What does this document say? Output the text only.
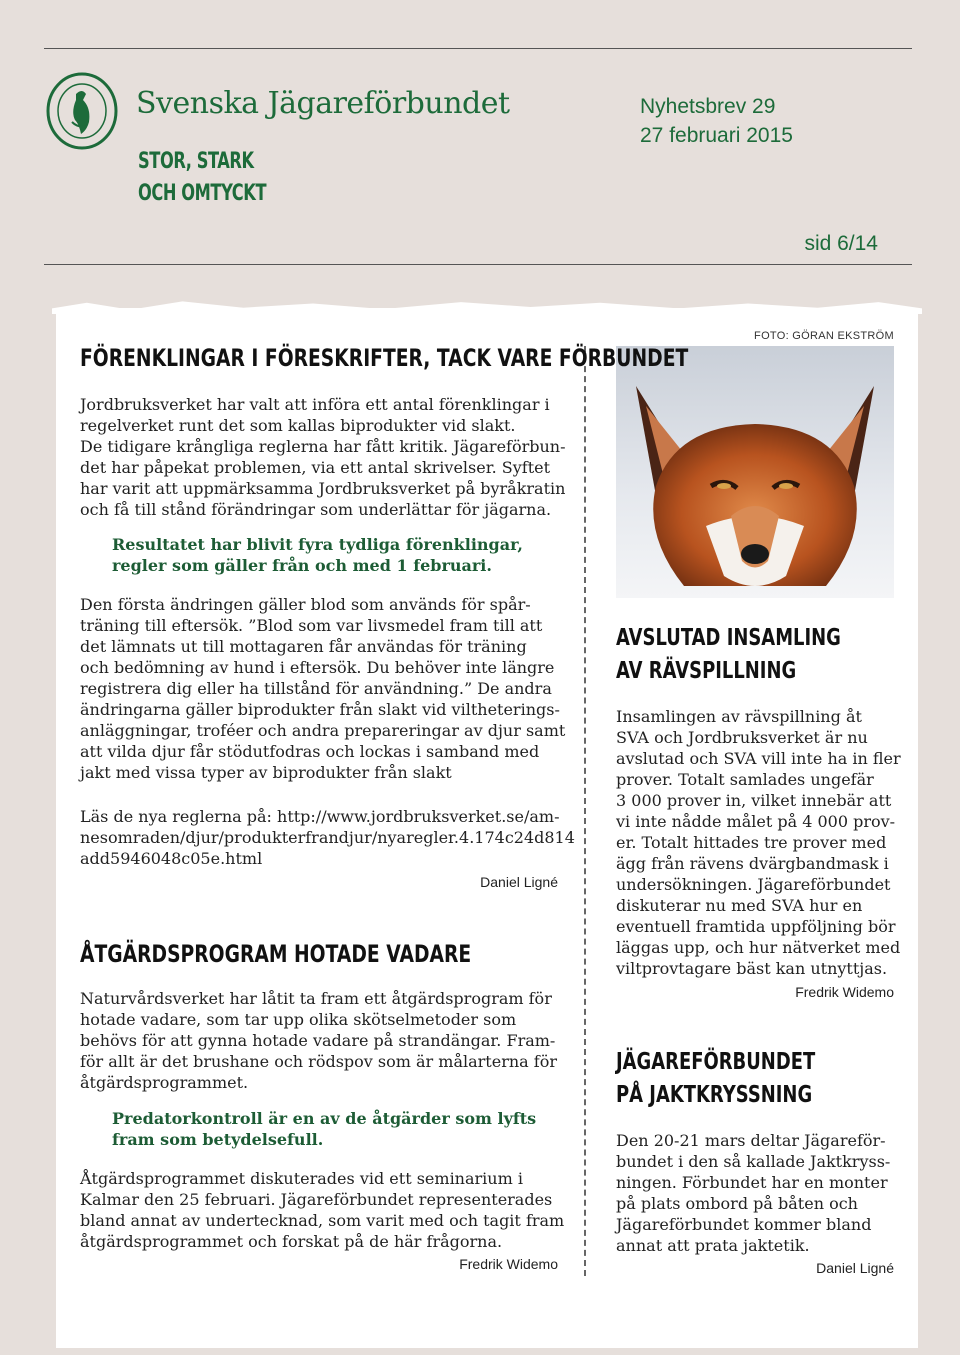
Svenska Jägareförbundet
STOR, STARK
OCH OMTYCKT
Nyhetsbrev 29
27 februari 2015
sid 6/14
FOTO: GÖRAN EKSTRÖM
FÖRENKLINGAR I FÖRESKRIFTER, TACK VARE FÖRBUNDET

Jordbruksverket har valt att införa ett antal förenklingar i

regelverket runt det som kallas biprodukter vid slakt.

De tidigare krångliga reglerna har fått kritik. Jägareförbun-

det har påpekat problemen, via ett antal skrivelser. Syftet

har varit att uppmärksamma Jordbruksverket på byråkratin

och få till stånd förändringar som underlättar för jägarna.

Resultatet har blivit fyra tydliga förenklingar,

regler som gäller från och med 1 februari.

Den första ändringen gäller blod som används för spår-

träning till eftersök. ”Blod som var livsmedel fram till att

det lämnats ut till mottagaren får användas för träning

och bedömning av hund i eftersök. Du behöver inte längre

registrera dig eller ha tillstånd för användning.” De andra

ändringarna gäller biprodukter från slakt vid viltheterings-

anläggningar, troféer och andra prepareringar av djur samt

att vilda djur får stödutfodras och lockas i samband med

jakt med vissa typer av biprodukter från slakt

Läs de nya reglerna på: http://www.jordbruksverket.se/am-

nesomraden/djur/produkterfrandjur/nyaregler.4.174c24d814

add5946048c05e.html

Daniel Ligné
ÅTGÄRDSPROGRAM HOTADE VADARE

Naturvårdsverket har låtit ta fram ett åtgärdsprogram för

hotade vadare, som tar upp olika skötselmetoder som

behövs för att gynna hotade vadare på strandängar. Fram-

för allt är det brushane och rödspov som är målarterna för

åtgärdsprogrammet.

Predatorkontroll är en av de åtgärder som lyfts

fram som betydelsefull.

Åtgärdsprogrammet diskuterades vid ett seminarium i

Kalmar den 25 februari. Jägareförbundet representerades

bland annat av undertecknad, som varit med och tagit fram

åtgärdsprogrammet och forskat på de här frågorna.

Fredrik Widemo
AVSLUTAD INSAMLING
AV RÄVSPILLNING

Insamlingen av rävspillning åt

SVA och Jordbruksverket är nu

avslutad och SVA vill inte ha in fler

prover. Totalt samlades ungefär

3 000 prover in, vilket innebär att

vi inte nådde målet på 4 000 prov-

er. Totalt hittades tre prover med

ägg från rävens dvärgbandmask i

undersökningen. Jägareförbundet

diskuterar nu med SVA hur en

eventuell framtida uppföljning bör

läggas upp, och hur nätverket med

viltprovtagare bäst kan utnyttjas.

Fredrik Widemo
JÄGAREFÖRBUNDET
PÅ JAKTKRYSSNING

Den 20-21 mars deltar Jägareför-

bundet i den så kallade Jaktkryss-

ningen. Förbundet har en monter

på plats ombord på båten och

Jägareförbundet kommer bland

annat att prata jaktetik.

Daniel Ligné
